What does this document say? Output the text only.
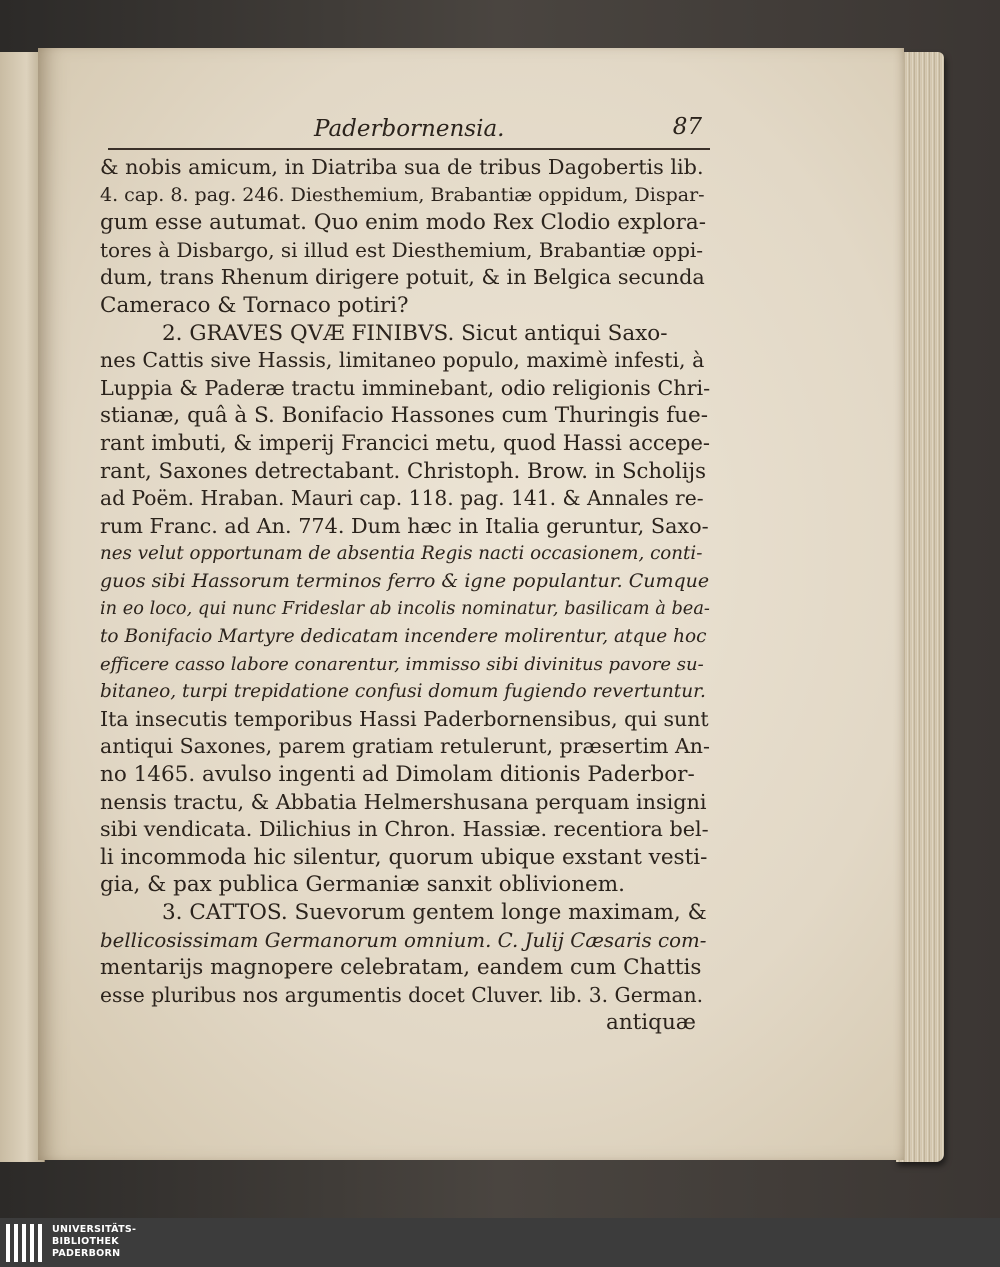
Paderbornensia.	87
& nobis amicum, in Diatriba sua de tribus Dagobertis lib.
4. cap. 8. pag. 246. Diesthemium, Brabantiæ oppidum, Dispar-
gum esse autumat. Quo enim modo Rex Clodio explora-
tores à Disbargo, si illud est Diesthemium, Brabantiæ oppi-
dum, trans Rhenum dirigere potuit, & in Belgica secunda
Cameraco & Tornaco potiri?
2. GRAVES QVÆ FINIBVS. Sicut antiqui Saxo-
nes Cattis sive Hassis, limitaneo populo, maximè infesti, à
Luppia & Paderæ tractu imminebant, odio religionis Chri-
stianæ, quâ à S. Bonifacio Hassones cum Thuringis fue-
rant imbuti, & imperij Francici metu, quod Hassi accepe-
rant, Saxones detrectabant. Christoph. Brow. in Scholijs
ad Poëm. Hraban. Mauri cap. 118. pag. 141. & Annales re-
rum Franc. ad An. 774. Dum hæc in Italia geruntur, Saxo-
nes velut opportunam de absentia Regis nacti occasionem, conti-
guos sibi Hassorum terminos ferro & igne populantur. Cumque
in eo loco, qui nunc Frideslar ab incolis nominatur, basilicam à bea-
to Bonifacio Martyre dedicatam incendere molirentur, atque hoc
efficere casso labore conarentur, immisso sibi divinitus pavore su-
bitaneo, turpi trepidatione confusi domum fugiendo revertuntur.
Ita insecutis temporibus Hassi Paderbornensibus, qui sunt
antiqui Saxones, parem gratiam retulerunt, præsertim An-
no 1465. avulso ingenti ad Dimolam ditionis Paderbor-
nensis tractu, & Abbatia Helmershusana perquam insigni
sibi vendicata. Dilichius in Chron. Hassiæ. recentiora bel-
li incommoda hic silentur, quorum ubique exstant vesti-
gia, & pax publica Germaniæ sanxit oblivionem.
3. CATTOS. Suevorum gentem longe maximam, &
bellicosissimam Germanorum omnium. C. Julij Cæsaris com-
mentarijs magnopere celebratam, eandem cum Chattis
esse pluribus nos argumentis docet Cluver. lib. 3. German.
antiquæ
UNIVERSITÄTS-
BIBLIOTHEK
PADERBORN
